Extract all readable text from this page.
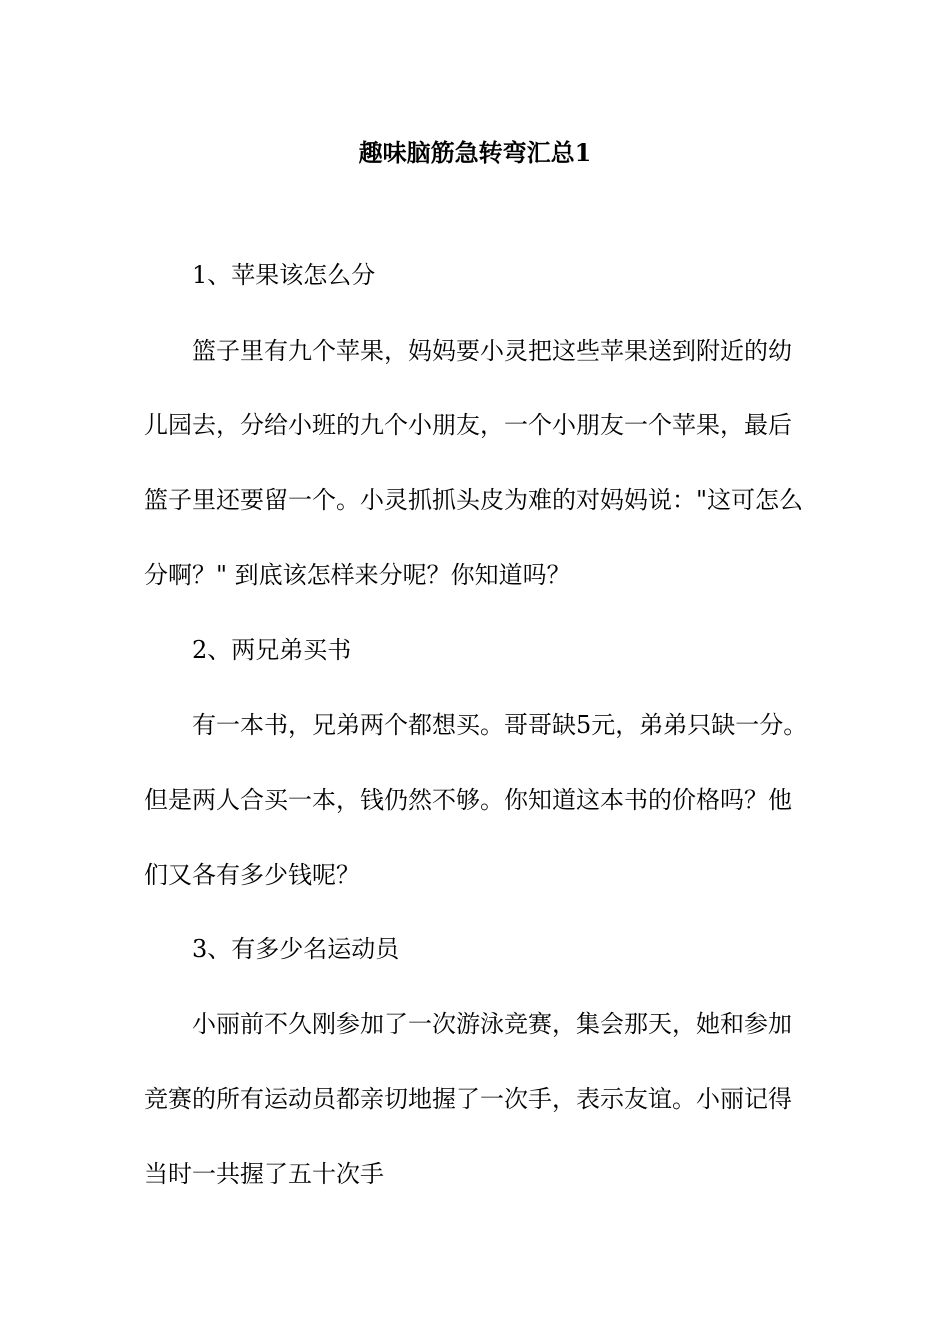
趣味脑筋急转弯汇总1
1、苹果该怎么分
篮子里有九个苹果，妈妈要小灵把这些苹果送到附近的幼
儿园去，分给小班的九个小朋友，一个小朋友一个苹果，最后
篮子里还要留一个。小灵抓抓头皮为难的对妈妈说："这可怎么
分啊？" 到底该怎样来分呢？你知道吗？
2、两兄弟买书
有一本书，兄弟两个都想买。哥哥缺5元，弟弟只缺一分。
但是两人合买一本，钱仍然不够。你知道这本书的价格吗？他
们又各有多少钱呢？
3、有多少名运动员
小丽前不久刚参加了一次游泳竞赛，集会那天，她和参加
竞赛的所有运动员都亲切地握了一次手，表示友谊。小丽记得
当时一共握了五十次手
